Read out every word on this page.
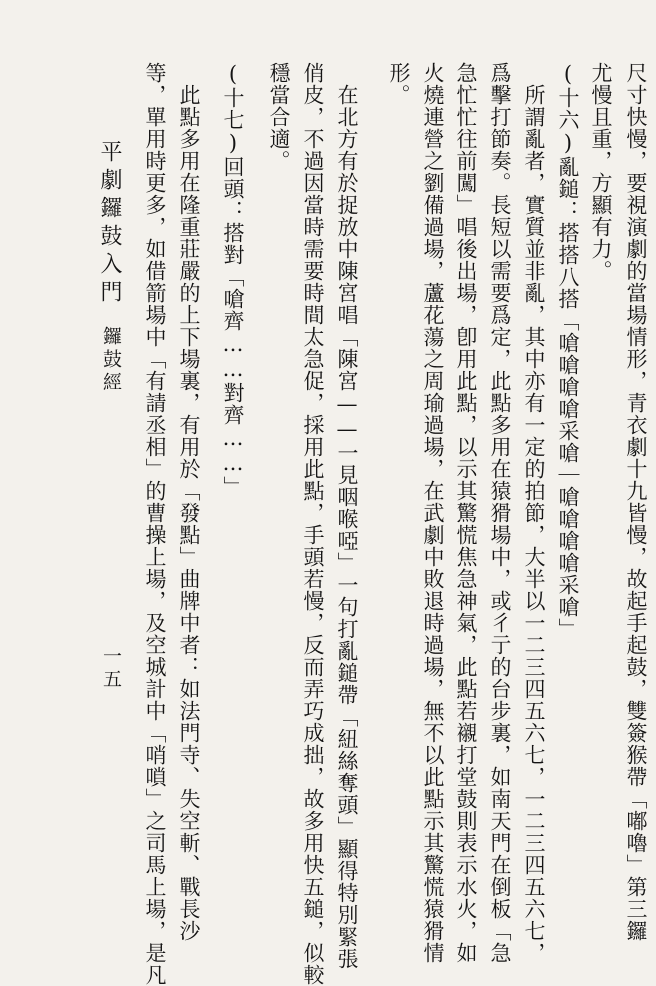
尺寸快慢，要視演劇的當場情形，青衣劇十九皆慢，故起手起鼓，雙簽猴帶「嘟嚕」第三鑼
尤慢且重，方顯有力。
(十六)亂鎚：搭搭八搭「嗆嗆嗆嗆采嗆｜嗆嗆嗆嗆采嗆」
所謂亂者，實質並非亂，其中亦有一定的拍節，大半以一二三四五六七，一二三四五六七，
爲擊打節奏。長短以需要爲定，此點多用在猿猾場中，或彳亍的台步裏，如南天門在倒板「急
急忙忙往前闖」唱後出場，卽用此點，以示其驚慌焦急神氣，此點若襯打堂鼓則表示水火，如
火燒連營之劉備過場，蘆花蕩之周瑜過場，在武劇中敗退時過場，無不以此點示其驚慌猿猾情
形。
在北方有於捉放中陳宮唱「陳宮——一見咽喉啞」一句打亂鎚帶「紐絲奪頭」顯得特別緊張
俏皮，不過因當時需要時間太急促，採用此點，手頭若慢，反而弄巧成拙，故多用快五鎚，似較
穩當合適。
(十七)回頭：搭對「嗆齊……對齊……」
此點多用在隆重莊嚴的上下場裏，有用於「發點」曲牌中者：如法門寺、失空斬、戰長沙
等，單用時更多，如借箭場中「有請丞相」的曹操上場，及空城計中「哨嗩」之司馬上場，是凡
平劇鑼鼓入門
鑼鼓經
一五
